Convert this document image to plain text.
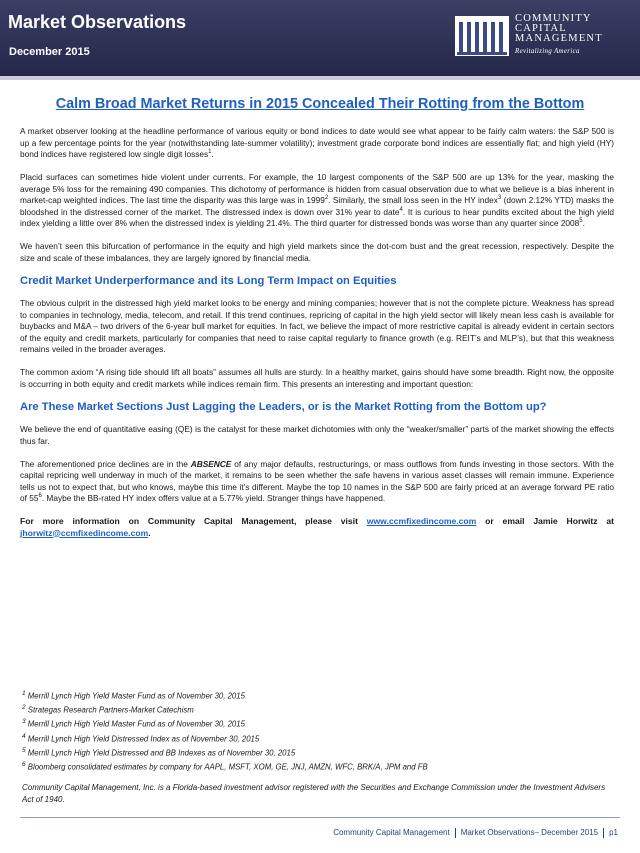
Market Observations
December 2015
COMMUNITY
CAPITAL
MANAGEMENT
Revitalizing America
Calm Broad Market Returns in 2015 Concealed Their Rotting from the Bottom

A market observer looking at the headline performance of various equity or bond indices to date would see what appear to be fairly calm waters: the S&P 500 is up a few percentage points for the year (notwithstanding late-summer volatility); investment grade corporate bond indices are essentially flat; and high yield (HY) bond indices have registered low single digit losses$^1$.

Placid surfaces can sometimes hide violent under currents. For example, the 10 largest components of the S&P 500 are up 13% for the year, masking the average 5% loss for the remaining 490 companies. This dichotomy of performance is hidden from casual observation due to what we believe is a bias inherent in market-cap weighted indices. The last time the disparity was this large was in 1999$^2$. Similarly, the small loss seen in the HY index$^3$ (down 2.12% YTD) masks the bloodshed in the distressed corner of the market. The distressed index is down over 31% year to date$^4$. It is curious to hear pundits excited about the high yield index yielding a little over 8% when the distressed index is yielding 21.4%. The third quarter for distressed bonds was worse than any quarter since 2008$^5$.

We haven’t seen this bifurcation of performance in the equity and high yield markets since the dot-com bust and the great recession, respectively. Despite the size and scale of these imbalances, they are largely ignored by financial media.

Credit Market Underperformance and its Long Term Impact on Equities

The obvious culprit in the distressed high yield market looks to be energy and mining companies; however that is not the complete picture. Weakness has spread to companies in technology, media, telecom, and retail. If this trend continues, repricing of capital in the high yield sector will likely mean less cash is available for buybacks and M&A – two drivers of the 6-year bull market for equities. In fact, we believe the impact of more restrictive capital is already evident in certain sectors of the equity and credit markets, particularly for companies that need to raise capital regularly to finance growth (e.g. REIT’s and MLP’s), but that this weakness remains veiled in the broader averages.

The common axiom “A rising tide should lift all boats” assumes all hulls are sturdy. In a healthy market, gains should have some breadth. Right now, the opposite is occurring in both equity and credit markets while indices remain firm. This presents an interesting and important question:

Are These Market Sections Just Lagging the Leaders, or is the Market Rotting from the Bottom up?

We believe the end of quantitative easing (QE) is the catalyst for these market dichotomies with only the “weaker/smaller” parts of the market showing the effects thus far.

The aforementioned price declines are in the ABSENCE of any major defaults, restructurings, or mass outflows from funds investing in those sectors. With the capital repricing well underway in much of the market, it remains to be seen whether the safe havens in various asset classes will remain immune. Experience tells us not to expect that, but who knows, maybe this time it’s different. Maybe the top 10 names in the S&P 500 are fairly priced at an average forward PE ratio of $55^6$. Maybe the BB-rated HY index offers value at a 5.77% yield. Stranger things have happened.

For more information on Community Capital Management, please visit www.ccmfixedincome.com or email Jamie Horwitz at jhorwitz@ccmfixedincome.com.

$^1$ Merrill Lynch High Yield Master Fund as of November 30, 2015
$^2$ Strategas Research Partners-Market Catechism
$^3$ Merrill Lynch High Yield Master Fund as of November 30, 2015
$^4$ Merrill Lynch High Yield Distressed Index as of November 30, 2015
$^5$ Merrill Lynch High Yield Distressed and BB Indexes as of November 30, 2015
$^6$ Bloomberg consolidated estimates by company for AAPL, MSFT, XOM, GE, JNJ, AMZN, WFC, BRK/A, JPM and FB
Community Capital Management, Inc. is a Florida-based investment advisor registered with the Securities and Exchange Commission under the Investment Advisers Act of 1940.
Community Capital Management Market Observations– December 2015 p1
